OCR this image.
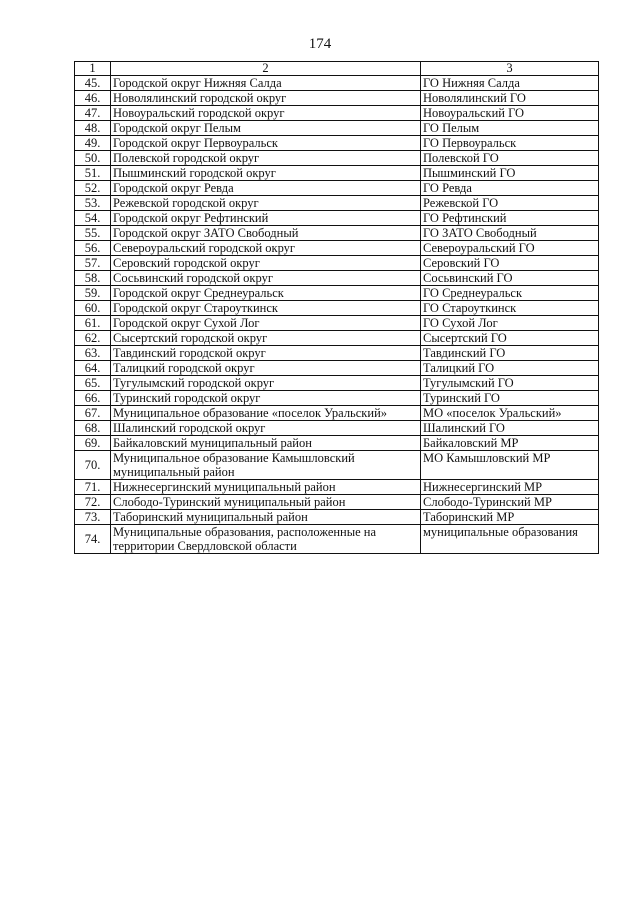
174
1	2	3
45.	Городской округ Нижняя Салда	ГО Нижняя Салда
46.	Новолялинский городской округ	Новолялинский ГО
47.	Новоуральский городской округ	Новоуральский ГО
48.	Городской округ Пелым	ГО Пелым
49.	Городской округ Первоуральск	ГО Первоуральск
50.	Полевской городской округ	Полевской ГО
51.	Пышминский городской округ	Пышминский ГО
52.	Городской округ Ревда	ГО Ревда
53.	Режевской городской округ	Режевской ГО
54.	Городской округ Рефтинский	ГО Рефтинский
55.	Городской округ ЗАТО Свободный	ГО ЗАТО Свободный
56.	Североуральский городской округ	Североуральский ГО
57.	Серовский городской округ	Серовский ГО
58.	Сосьвинский городской округ	Сосьвинский ГО
59.	Городской округ Среднеуральск	ГО Среднеуральск
60.	Городской округ Староуткинск	ГО Староуткинск
61.	Городской округ Сухой Лог	ГО Сухой Лог
62.	Сысертский городской округ	Сысертский ГО
63.	Тавдинский городской округ	Тавдинский ГО
64.	Талицкий городской округ	Талицкий ГО
65.	Тугулымский городской округ	Тугулымский ГО
66.	Туринский городской округ	Туринский ГО
67.	Муниципальное образование «поселок Уральский»	МО «поселок Уральский»
68.	Шалинский городской округ	Шалинский ГО
69.	Байкаловский муниципальный район	Байкаловский МР
70.	Муниципальное образование Камышловский муниципальный район	МО Камышловский МР
71.	Нижнесергинский муниципальный район	Нижнесергинский МР
72.	Слободо-Туринский муниципальный район	Слободо-Туринский МР
73.	Таборинский муниципальный район	Таборинский МР
74.	Муниципальные образования, расположенные на территории Свердловской области	муниципальные образования
